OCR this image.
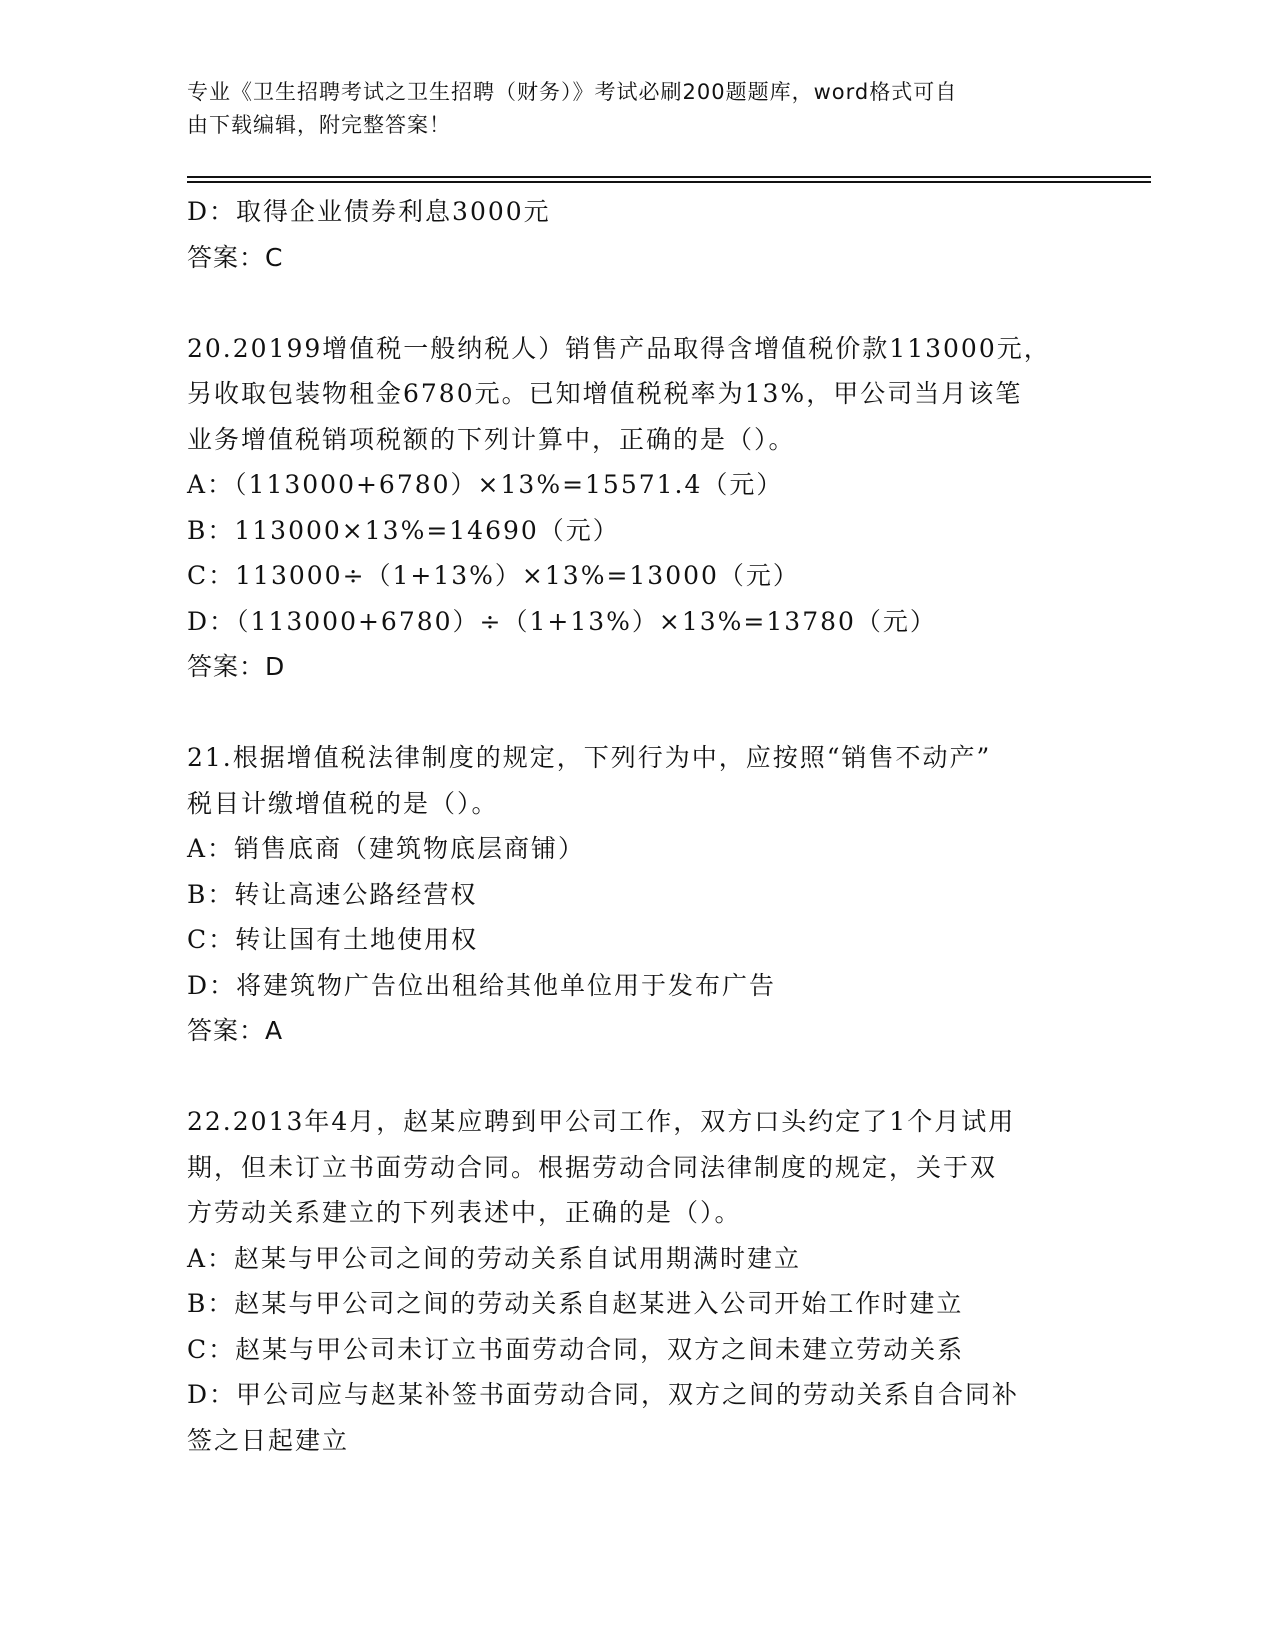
专业《卫生招聘考试之卫生招聘（财务）》考试必刷200题题库，word格式可自
由下载编辑，附完整答案！
D：取得企业债券利息3000元
答案：C
20.20199增值税一般纳税人）销售产品取得含增值税价款113000元，
另收取包装物租金6780元。已知增值税税率为13%，甲公司当月该笔
业务增值税销项税额的下列计算中，正确的是（）。
A：（113000+6780）×13%=15571.4（元）
B：113000×13%=14690（元）
C：113000÷（1+13%）×13%=13000（元）
D：（113000+6780）÷（1+13%）×13%=13780（元）
答案：D
21.根据增值税法律制度的规定，下列行为中，应按照“销售不动产”
税目计缴增值税的是（）。
A：销售底商（建筑物底层商铺）
B：转让高速公路经营权
C：转让国有土地使用权
D：将建筑物广告位出租给其他单位用于发布广告
答案：A
22.2013年4月，赵某应聘到甲公司工作，双方口头约定了1个月试用
期，但未订立书面劳动合同。根据劳动合同法律制度的规定，关于双
方劳动关系建立的下列表述中，正确的是（）。
A：赵某与甲公司之间的劳动关系自试用期满时建立
B：赵某与甲公司之间的劳动关系自赵某进入公司开始工作时建立
C：赵某与甲公司未订立书面劳动合同，双方之间未建立劳动关系
D：甲公司应与赵某补签书面劳动合同，双方之间的劳动关系自合同补
签之日起建立
